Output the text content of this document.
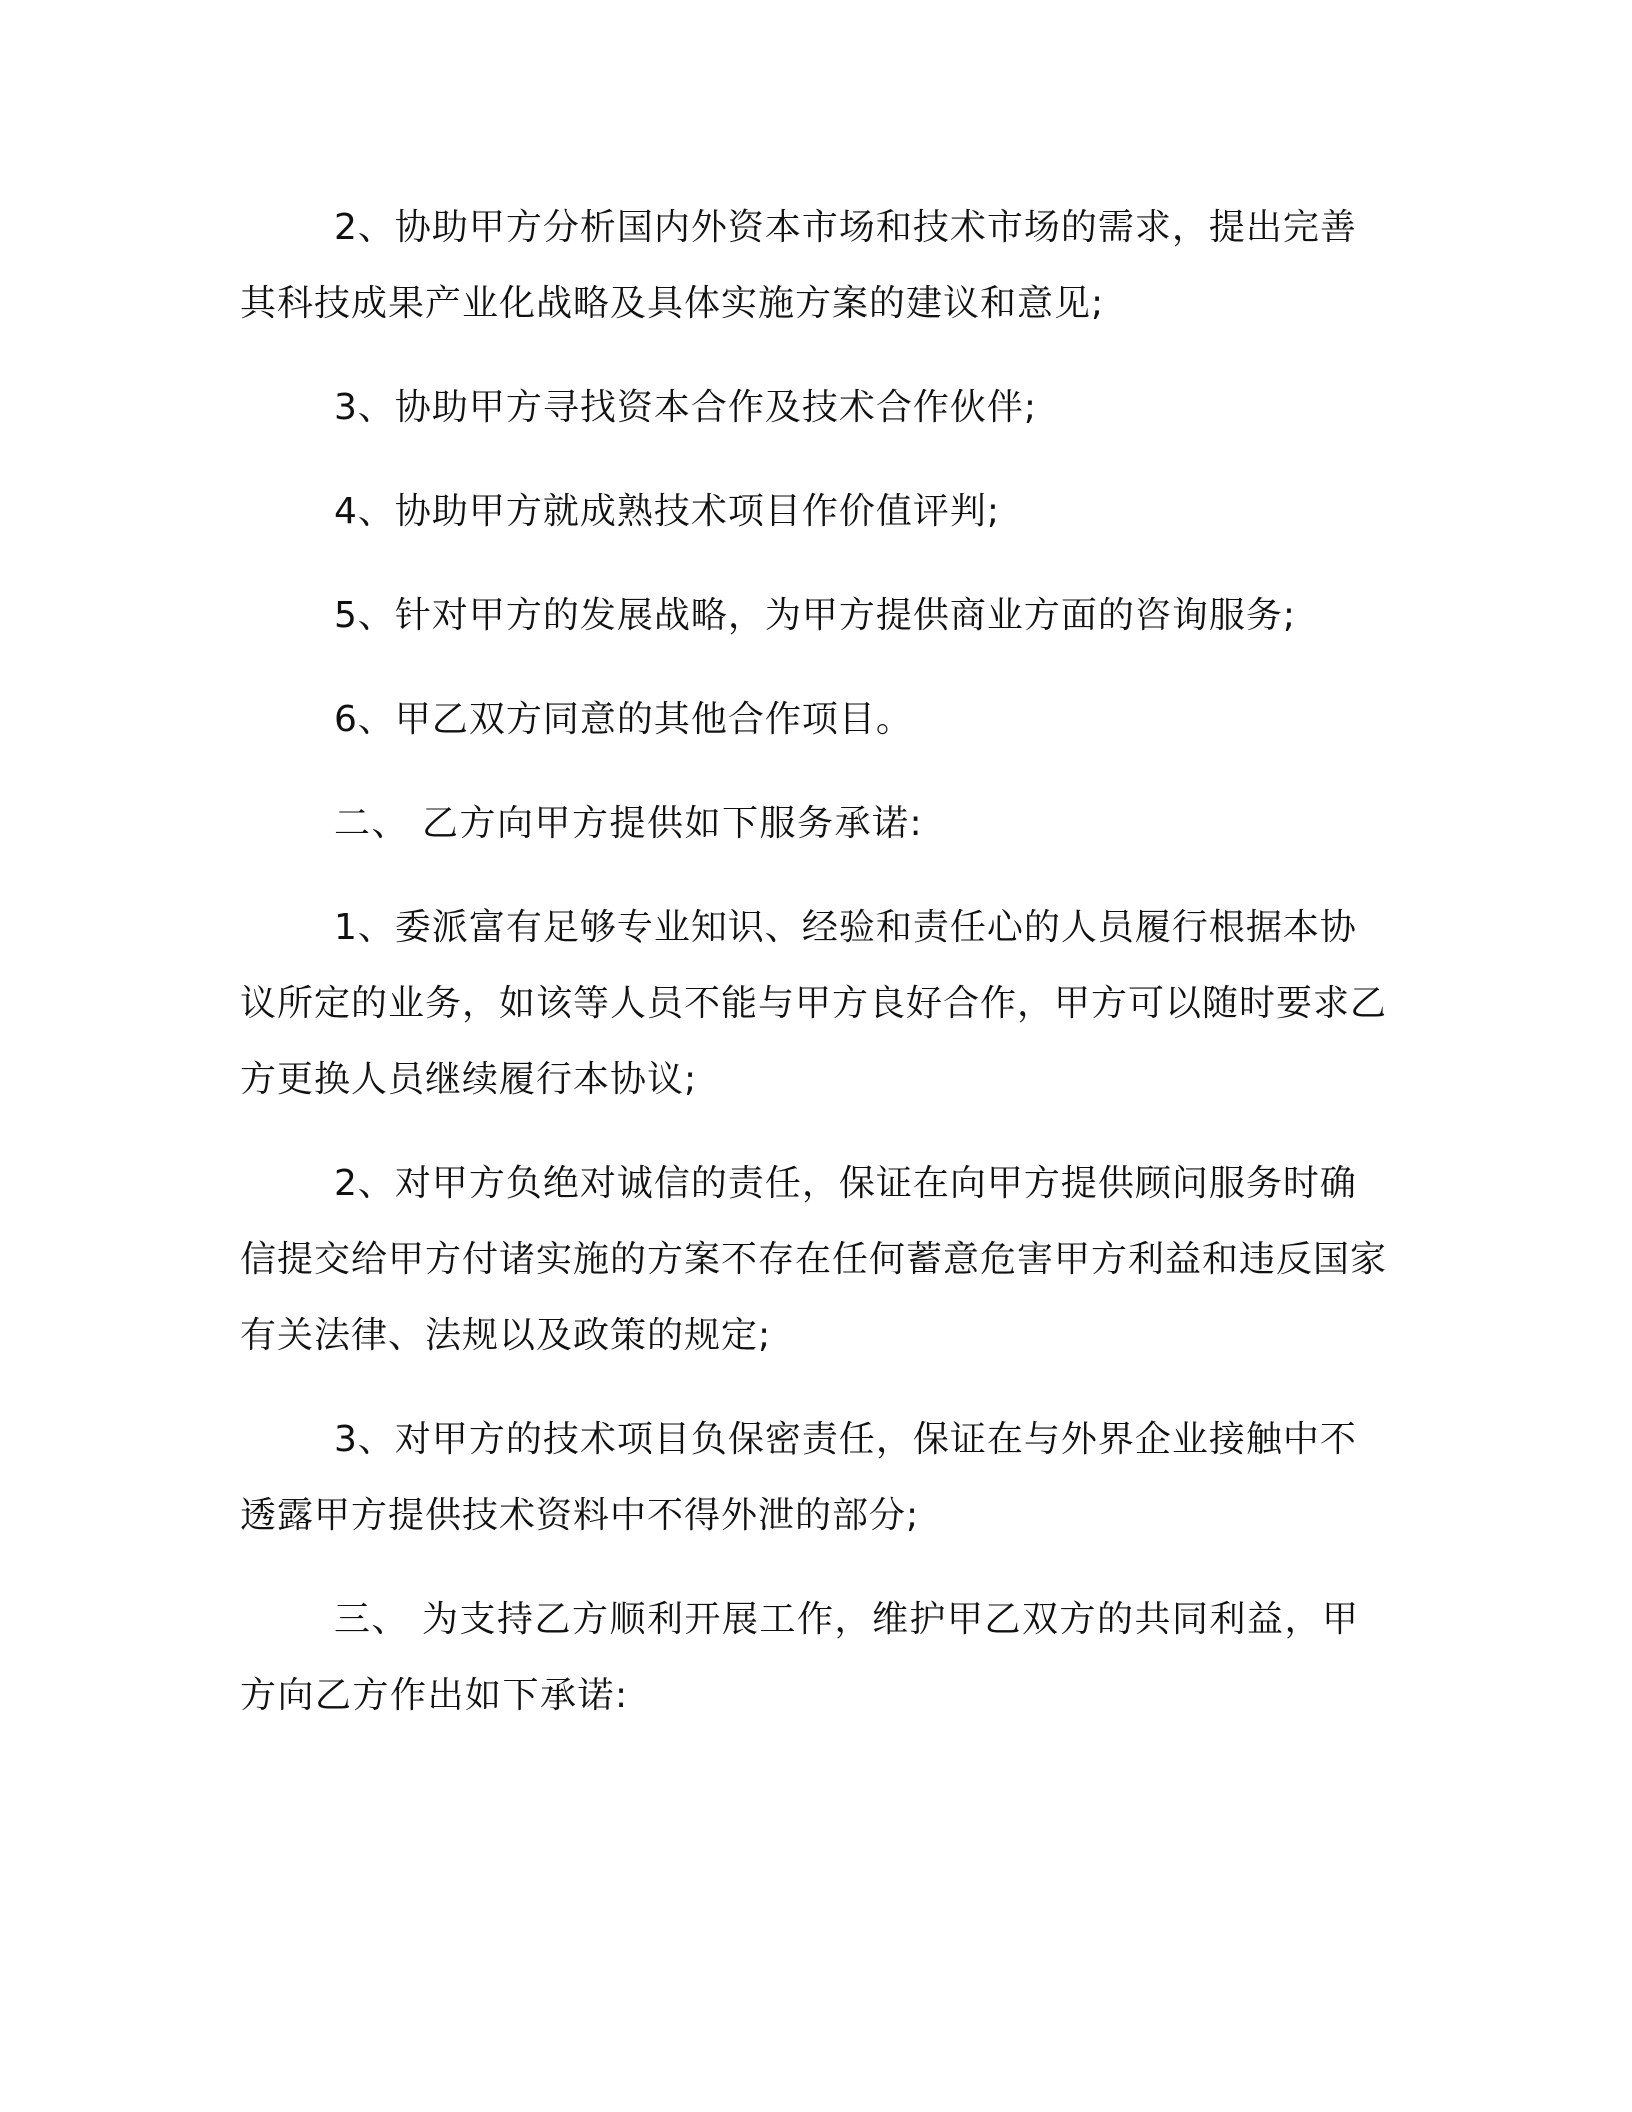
2、协助甲方分析国内外资本市场和技术市场的需求，提出完善其科技成果产业化战略及具体实施方案的建议和意见;

3、协助甲方寻找资本合作及技术合作伙伴;

4、协助甲方就成熟技术项目作价值评判;

5、针对甲方的发展战略，为甲方提供商业方面的咨询服务;

6、甲乙双方同意的其他合作项目。

二、 乙方向甲方提供如下服务承诺:

1、委派富有足够专业知识、经验和责任心的人员履行根据本协议所定的业务，如该等人员不能与甲方良好合作，甲方可以随时要求乙方更换人员继续履行本协议;

2、对甲方负绝对诚信的责任，保证在向甲方提供顾问服务时确信提交给甲方付诸实施的方案不存在任何蓄意危害甲方利益和违反国家有关法律、法规以及政策的规定;

3、对甲方的技术项目负保密责任，保证在与外界企业接触中不透露甲方提供技术资料中不得外泄的部分;

三、 为支持乙方顺利开展工作，维护甲乙双方的共同利益，甲方向乙方作出如下承诺:
